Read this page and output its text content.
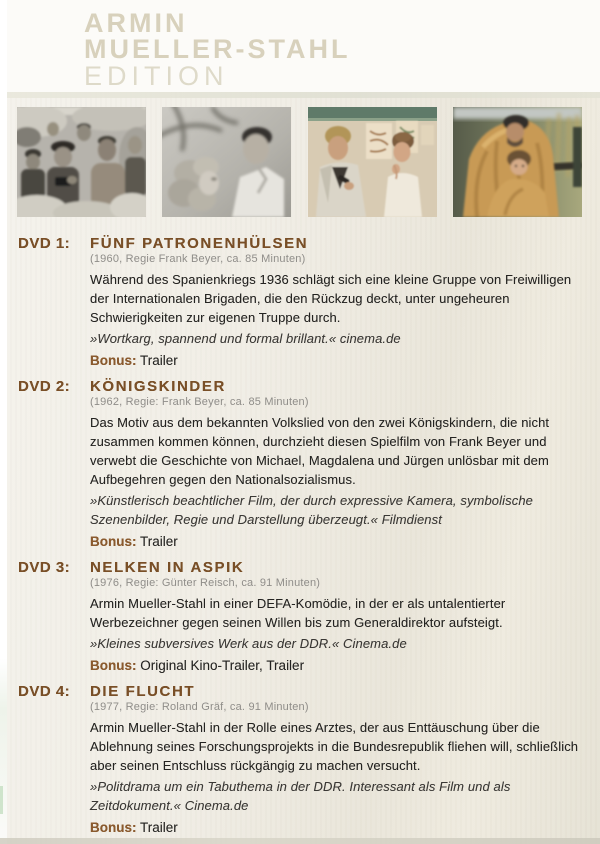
ARMIN
MUELLER-STAHL
EDITION
DVD 1:	FÜNF PATRONENHÜLSEN

(1960, Regie Frank Beyer, ca. 85 Minuten)

Während des Spanienkriegs 1936 schlägt sich eine kleine Gruppe von Freiwilligen der Internationalen Brigaden, die den Rückzug deckt, unter ungeheuren Schwierigkeiten zur eigenen Truppe durch.

»Wortkarg, spannend und formal brillant.« cinema.de

Bonus: Trailer

DVD 2:	KÖNIGSKINDER

(1962, Regie: Frank Beyer, ca. 85 Minuten)

Das Motiv aus dem bekannten Volkslied von den zwei Königskindern, die nicht zusammen kommen können, durchzieht diesen Spielfilm von Frank Beyer und verwebt die Geschichte von Michael, Magdalena und Jürgen unlösbar mit dem Aufbegehren gegen den Nationalsozialismus.

»Künstlerisch beachtlicher Film, der durch expressive Kamera, symbolische Szenenbilder, Regie und Darstellung überzeugt.« Filmdienst

Bonus: Trailer

DVD 3:	NELKEN IN ASPIK

(1976, Regie: Günter Reisch, ca. 91 Minuten)

Armin Mueller-Stahl in einer DEFA-Komödie, in der er als untalentierter Werbezeichner gegen seinen Willen bis zum Generaldirektor aufsteigt.

»Kleines subversives Werk aus der DDR.« Cinema.de

Bonus: Original Kino-Trailer, Trailer

DVD 4:	DIE FLUCHT

(1977, Regie: Roland Gräf, ca. 91 Minuten)

Armin Mueller-Stahl in der Rolle eines Arztes, der aus Enttäuschung über die Ablehnung seines Forschungsprojekts in die Bundesrepublik fliehen will, schließlich aber seinen Entschluss rückgängig zu machen versucht.

»Politdrama um ein Tabuthema in der DDR. Interessant als Film und als Zeitdokument.« Cinema.de

Bonus: Trailer
